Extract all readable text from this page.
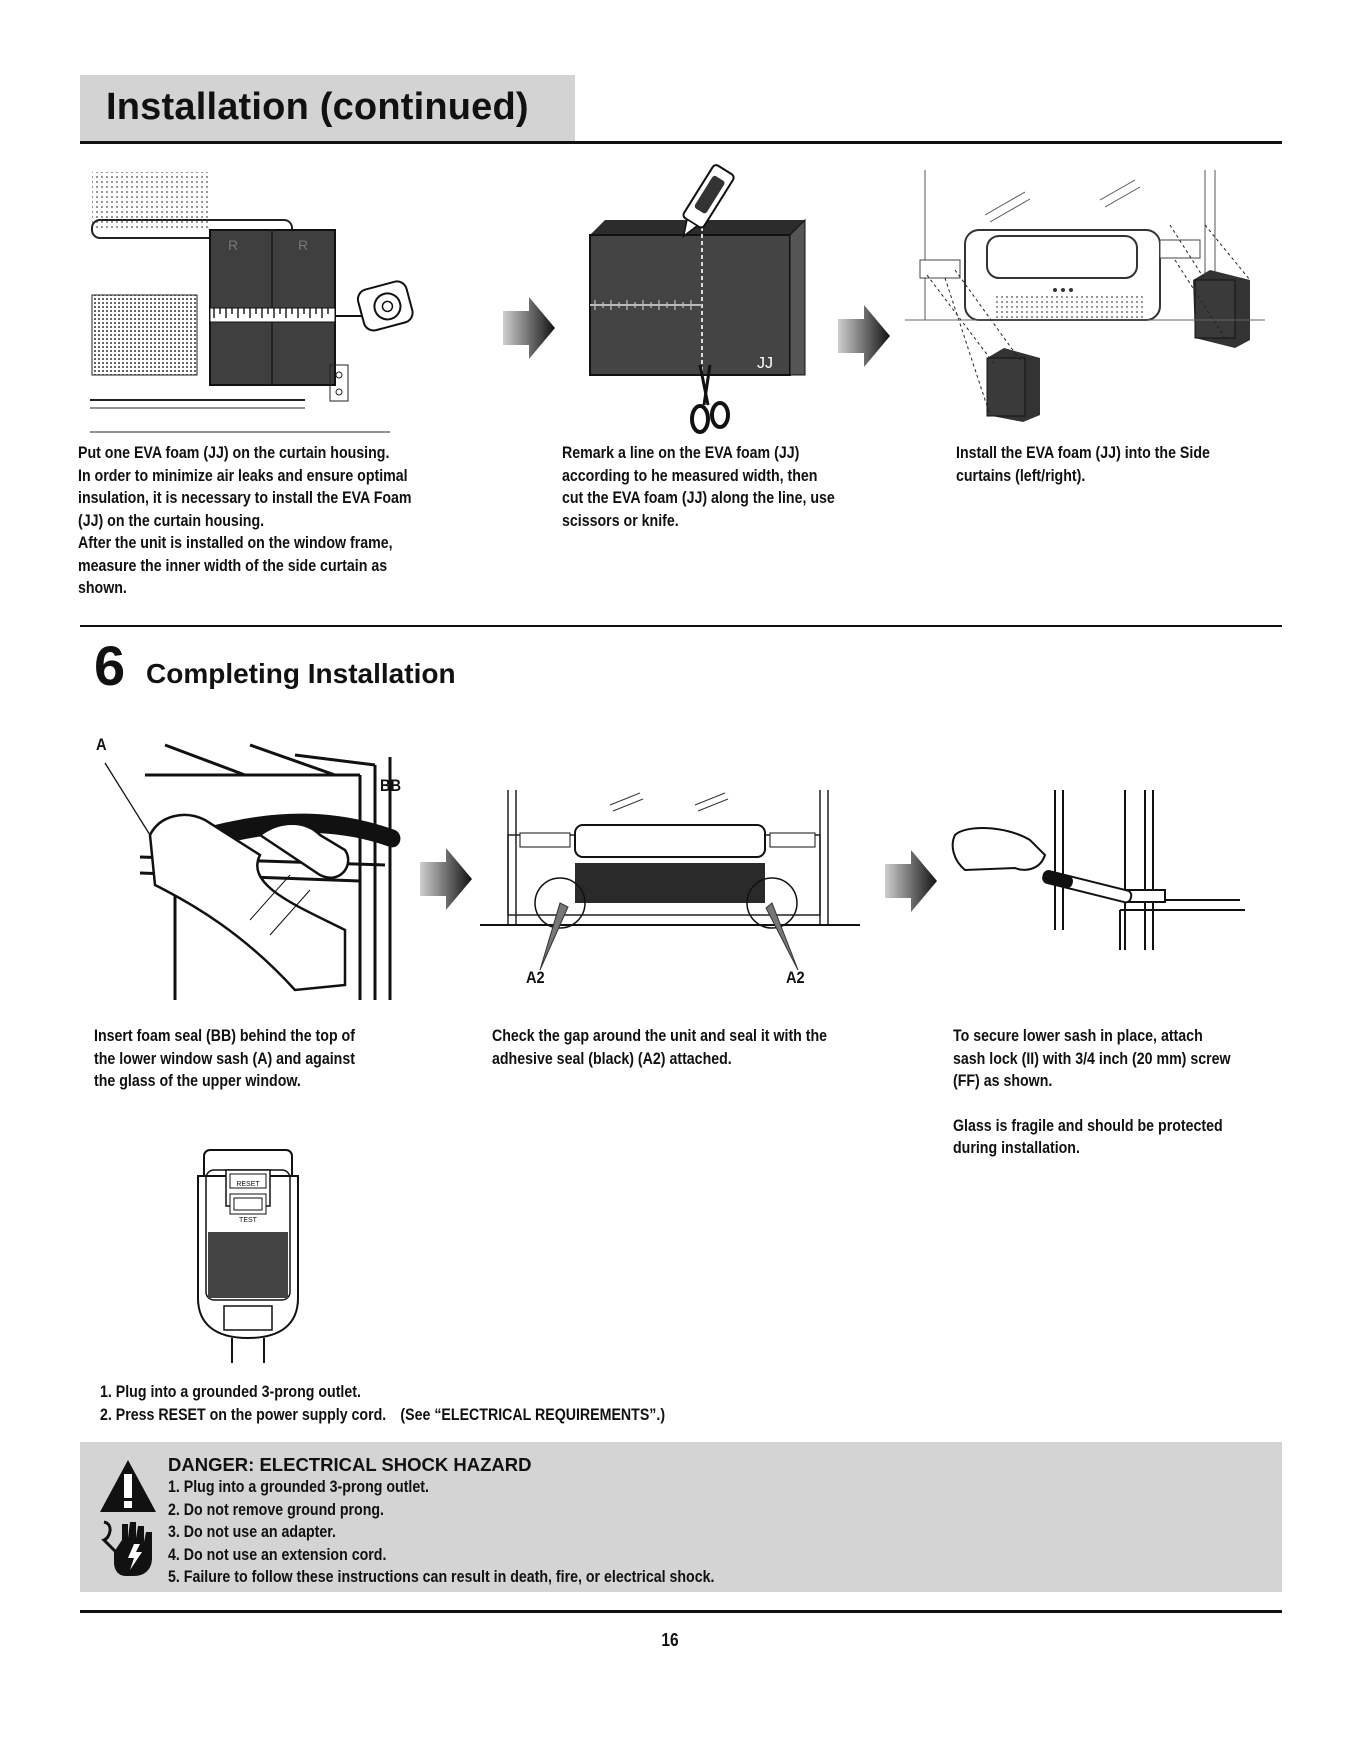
Installation (continued)
R	R
JJ
Put one EVA foam (JJ) on the curtain housing.
In order to minimize air leaks and ensure optimal
insulation, it is necessary to install the EVA Foam
(JJ) on the curtain housing.
After the unit is installed on the window frame,
measure the inner width of the side curtain as
shown.
Remark a line on the EVA foam (JJ)
according to he measured width, then
cut the EVA foam (JJ) along the line, use
scissors or knife.
Install the EVA foam (JJ) into the Side
curtains (left/right).
6 Completing Installation
A
BB
A2	A2
Insert foam seal (BB) behind the top of
the lower window sash (A) and against
the glass of the upper window.
Check the gap around the unit and seal it with the
adhesive seal (black) (A2) attached.
To secure lower sash in place, attach
sash lock (II) with 3/4 inch (20 mm) screw
(FF) as shown.
Glass is fragile and should be protected
during installation.
RESET
TEST
1. Plug into a grounded 3-prong outlet.
2. Press RESET on the power supply cord.　(See “ELECTRICAL REQUIREMENTS”.)
DANGER: ELECTRICAL SHOCK HAZARD
1. Plug into a grounded 3-prong outlet.
2. Do not remove ground prong.
3. Do not use an adapter.
4. Do not use an extension cord.
5. Failure to follow these instructions can result in death, fire, or electrical shock.
16
